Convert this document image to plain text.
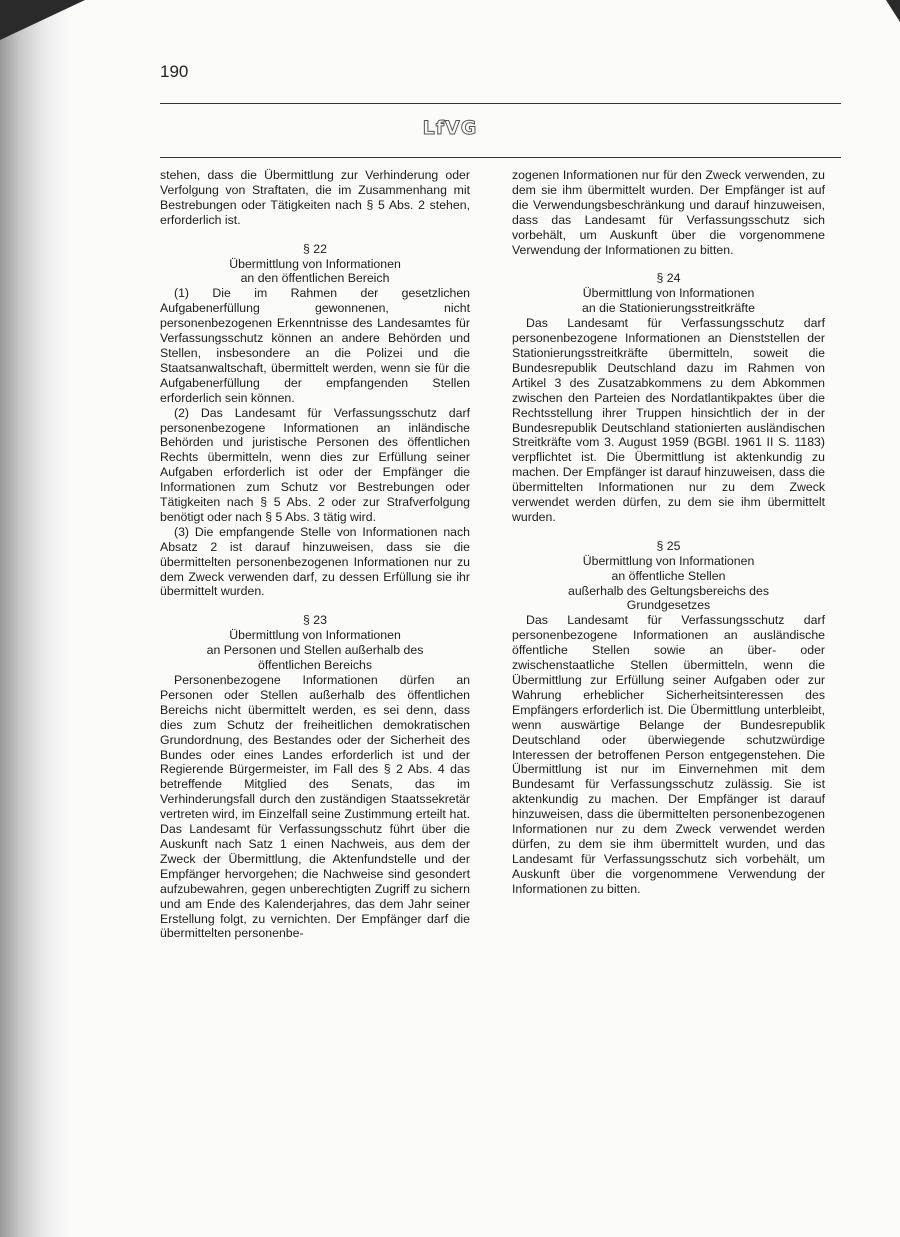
190
LfVG

stehen, dass die Übermittlung zur Verhinderung oder Verfolgung von Straftaten, die im Zusammenhang mit Bestrebungen oder Tätigkeiten nach § 5 Abs. 2 stehen, erforderlich ist.

§ 22

Übermittlung von Informationen

an den öffentlichen Bereich

(1) Die im Rahmen der gesetzlichen Aufgabenerfüllung gewonnenen, nicht personenbezogenen Erkenntnisse des Landesamtes für Verfassungsschutz können an andere Behörden und Stellen, insbesondere an die Polizei und die Staatsanwaltschaft, übermittelt werden, wenn sie für die Aufgabenerfüllung der empfangenden Stellen erforderlich sein können.

(2) Das Landesamt für Verfassungsschutz darf personenbezogene Informationen an inländische Behörden und juristische Personen des öffentlichen Rechts übermitteln, wenn dies zur Erfüllung seiner Aufgaben erforderlich ist oder der Empfänger die Informationen zum Schutz vor Bestrebungen oder Tätigkeiten nach § 5 Abs. 2 oder zur Strafverfolgung benötigt oder nach § 5 Abs. 3 tätig wird.

(3) Die empfangende Stelle von Informationen nach Absatz 2 ist darauf hinzuweisen, dass sie die übermittelten personenbezogenen Informationen nur zu dem Zweck verwenden darf, zu dessen Erfüllung sie ihr übermittelt wurden.

§ 23

Übermittlung von Informationen

an Personen und Stellen außerhalb des

öffentlichen Bereichs

Personenbezogene Informationen dürfen an Personen oder Stellen außerhalb des öffentlichen Bereichs nicht übermittelt werden, es sei denn, dass dies zum Schutz der freiheitlichen demokratischen Grundordnung, des Bestandes oder der Sicherheit des Bundes oder eines Landes erforderlich ist und der Regierende Bürgermeister, im Fall des § 2 Abs. 4 das betreffende Mitglied des Senats, das im Verhinderungsfall durch den zuständigen Staatssekretär vertreten wird, im Einzelfall seine Zustimmung erteilt hat. Das Landesamt für Verfassungsschutz führt über die Auskunft nach Satz 1 einen Nachweis, aus dem der Zweck der Übermittlung, die Aktenfundstelle und der Empfänger hervorgehen; die Nachweise sind gesondert aufzubewahren, gegen unberechtigten Zugriff zu sichern und am Ende des Kalenderjahres, das dem Jahr seiner Erstellung folgt, zu vernichten. Der Empfänger darf die übermittelten personenbe-

zogenen Informationen nur für den Zweck verwenden, zu dem sie ihm übermittelt wurden. Der Empfänger ist auf die Verwendungsbeschränkung und darauf hinzuweisen, dass das Landesamt für Verfassungsschutz sich vorbehält, um Auskunft über die vorgenommene Verwendung der Informationen zu bitten.

§ 24

Übermittlung von Informationen

an die Stationierungsstreitkräfte

Das Landesamt für Verfassungsschutz darf personenbezogene Informationen an Dienststellen der Stationierungsstreitkräfte übermitteln, soweit die Bundesrepublik Deutschland dazu im Rahmen von Artikel 3 des Zusatzabkommens zu dem Abkommen zwischen den Parteien des Nordatlantikpaktes über die Rechtsstellung ihrer Truppen hinsichtlich der in der Bundesrepublik Deutschland stationierten ausländischen Streitkräfte vom 3. August 1959 (BGBl. 1961 II S. 1183) verpflichtet ist. Die Übermittlung ist aktenkundig zu machen. Der Empfänger ist darauf hinzuweisen, dass die übermittelten Informationen nur zu dem Zweck verwendet werden dürfen, zu dem sie ihm übermittelt wurden.

§ 25

Übermittlung von Informationen

an öffentliche Stellen

außerhalb des Geltungsbereichs des

Grundgesetzes

Das Landesamt für Verfassungsschutz darf personenbezogene Informationen an ausländische öffentliche Stellen sowie an über- oder zwischenstaatliche Stellen übermitteln, wenn die Übermittlung zur Erfüllung seiner Aufgaben oder zur Wahrung erheblicher Sicherheitsinteressen des Empfängers erforderlich ist. Die Übermittlung unterbleibt, wenn auswärtige Belange der Bundesrepublik Deutschland oder überwiegende schutzwürdige Interessen der betroffenen Person entgegenstehen. Die Übermittlung ist nur im Einvernehmen mit dem Bundesamt für Verfassungsschutz zulässig. Sie ist aktenkundig zu machen. Der Empfänger ist darauf hinzuweisen, dass die übermittelten personenbezogenen Informationen nur zu dem Zweck verwendet werden dürfen, zu dem sie ihm übermittelt wurden, und das Landesamt für Verfassungsschutz sich vorbehält, um Auskunft über die vorgenommene Verwendung der Informationen zu bitten.
